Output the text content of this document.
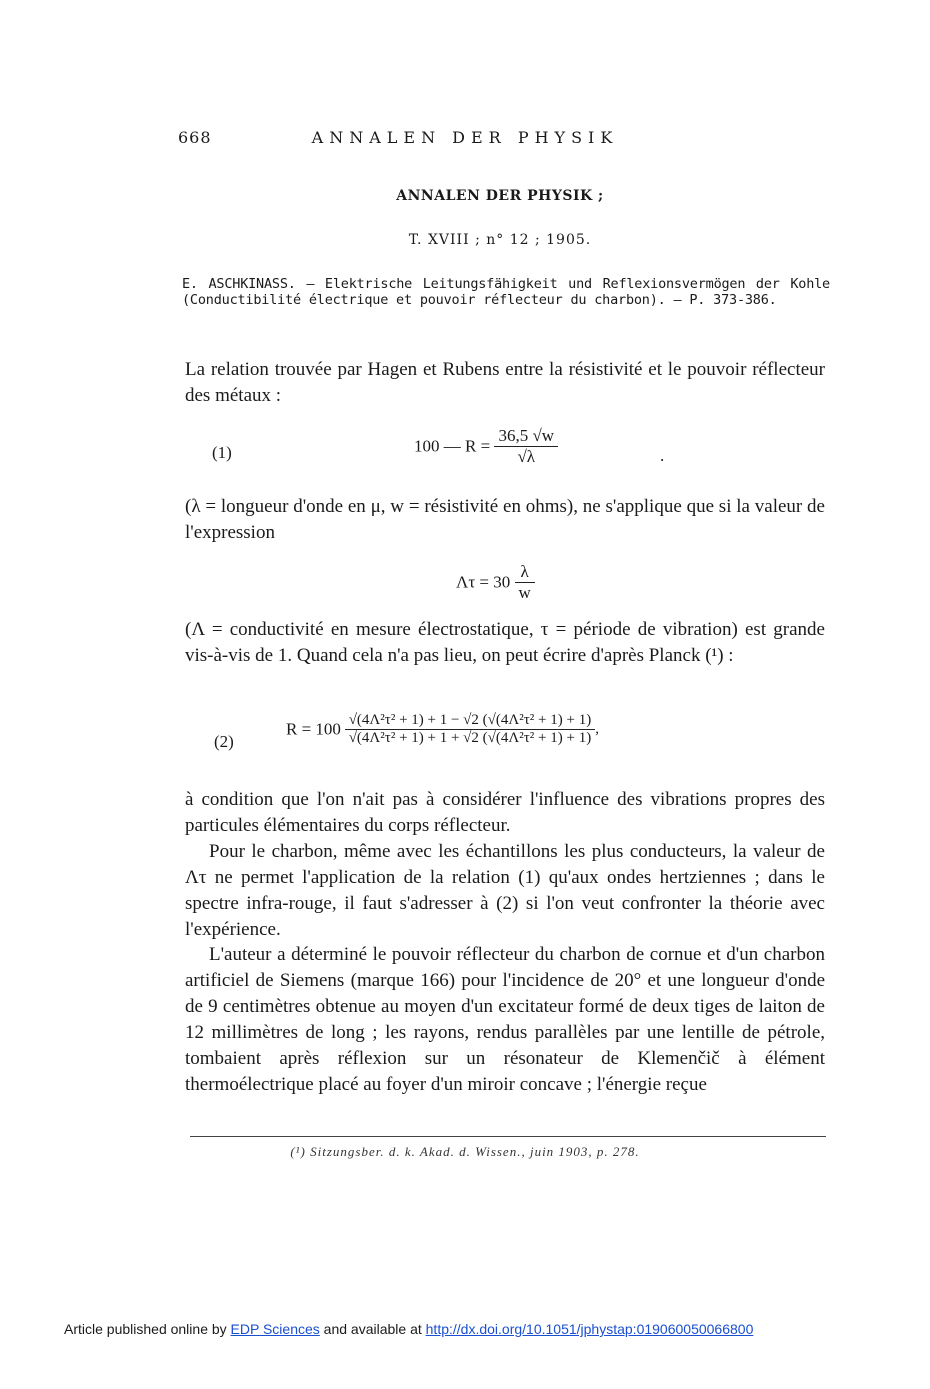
668	ANNALEN DER PHYSIK
ANNALEN DER PHYSIK ;
T. XVIII ; n° 12 ; 1905.
E. ASCHKINASS. — Elektrische Leitungsfähigkeit und Reflexionsvermögen der Kohle (Conductibilité électrique et pouvoir réflecteur du charbon). — P. 373-386.
La relation trouvée par Hagen et Rubens entre la résistivité et le pouvoir réflecteur des métaux :
(1)	100 — $R = \frac{36,5 √w}{√\lambda}$	.
(λ = longueur d'onde en μ, w = résistivité en ohms), ne s'applique que si la valeur de l'expression
$\Lambda\tau = 30 \frac{\lambda}{w}$
(Λ = conductivité en mesure électrostatique, τ = période de vibration) est grande vis-à-vis de 1. Quand cela n'a pas lieu, on peut écrire d'après Planck (¹) :
(2)
$R = 100 \frac{\text{√(4Λ²τ² + 1) + 1 − √2 (√(4Λ²τ² + 1) + 1)}}{\text{√(4Λ²τ² + 1) + 1 + √2 (√(4Λ²τ² + 1) + 1)}}$ ,
à condition que l'on n'ait pas à considérer l'influence des vibrations propres des particules élémentaires du corps réflecteur.
Pour le charbon, même avec les échantillons les plus conducteurs, la valeur de Λτ ne permet l'application de la relation (1) qu'aux ondes hertziennes ; dans le spectre infra-rouge, il faut s'adresser à (2) si l'on veut confronter la théorie avec l'expérience.
L'auteur a déterminé le pouvoir réflecteur du charbon de cornue et d'un charbon artificiel de Siemens (marque 166) pour l'incidence de 20° et une longueur d'onde de 9 centimètres obtenue au moyen d'un excitateur formé de deux tiges de laiton de 12 millimètres de long ; les rayons, rendus parallèles par une lentille de pétrole, tombaient après réflexion sur un résonateur de Klemenčič à élément thermoélectrique placé au foyer d'un miroir concave ; l'énergie reçue
(¹) Sitzungsber. d. k. Akad. d. Wissen., juin 1903, p. 278.
Article published online by EDP Sciences and available at http://dx.doi.org/10.1051/jphystap:019060050066800
